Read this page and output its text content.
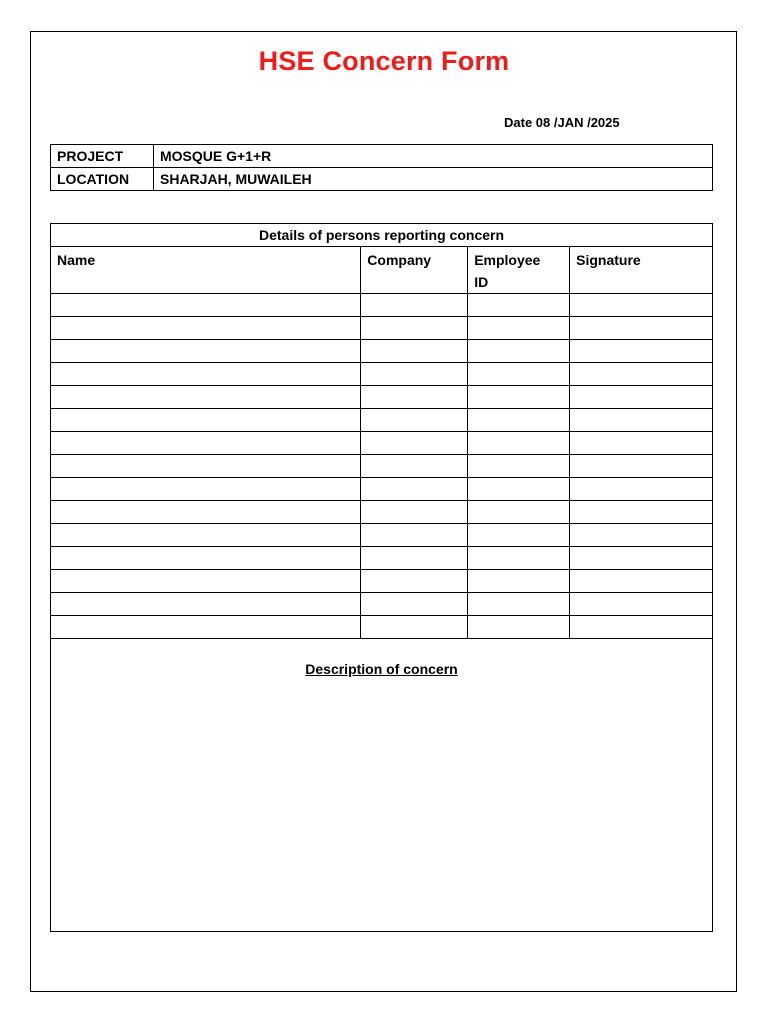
HSE Concern Form
Date 08 /JAN /2025
PROJECT	MOSQUE G+1+R
LOCATION	SHARJAH, MUWAILEH
Details of persons reporting concern			
Name	Company	Employee ID	Signature

Description of concern			
